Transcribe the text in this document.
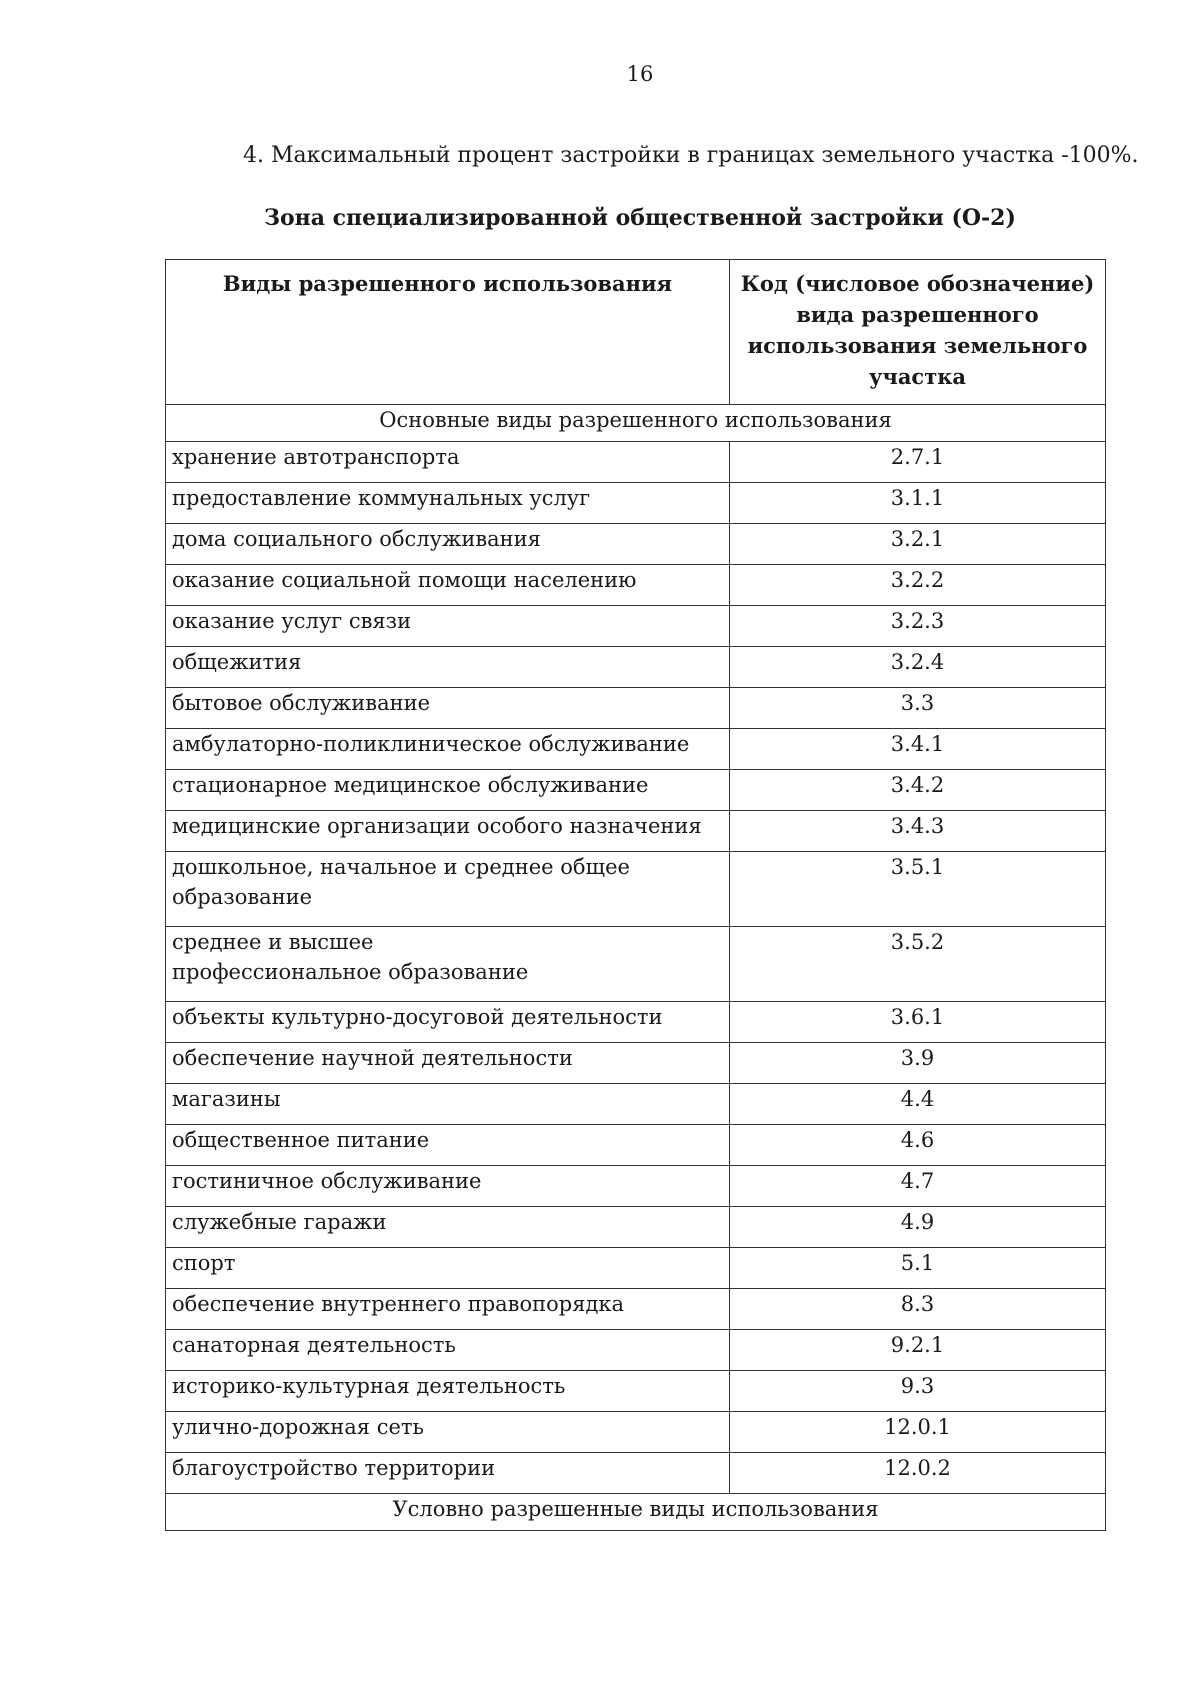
16
4. Максимальный процент застройки в границах земельного участка -100%.
Зона специализированной общественной застройки (О-2)
Виды разрешенного использования	Код (числовое обозначение) вида разрешенного использования земельного участка
Основные виды разрешенного использования	
хранение автотранспорта	2.7.1
предоставление коммунальных услуг	3.1.1
дома социального обслуживания	3.2.1
оказание социальной помощи населению	3.2.2
оказание услуг связи	3.2.3
общежития	3.2.4
бытовое обслуживание	3.3
амбулаторно-поликлиническое обслуживание	3.4.1
стационарное медицинское обслуживание	3.4.2
медицинские организации особого назначения	3.4.3
дошкольное, начальное и среднее общее образование	3.5.1
среднее и высшее профессиональное образование	3.5.2
объекты культурно-досуговой деятельности	3.6.1
обеспечение научной деятельности	3.9
магазины	4.4
общественное питание	4.6
гостиничное обслуживание	4.7
служебные гаражи	4.9
спорт	5.1
обеспечение внутреннего правопорядка	8.3
санаторная деятельность	9.2.1
историко-культурная деятельность	9.3
улично-дорожная сеть	12.0.1
благоустройство территории	12.0.2
Условно разрешенные виды использования	
